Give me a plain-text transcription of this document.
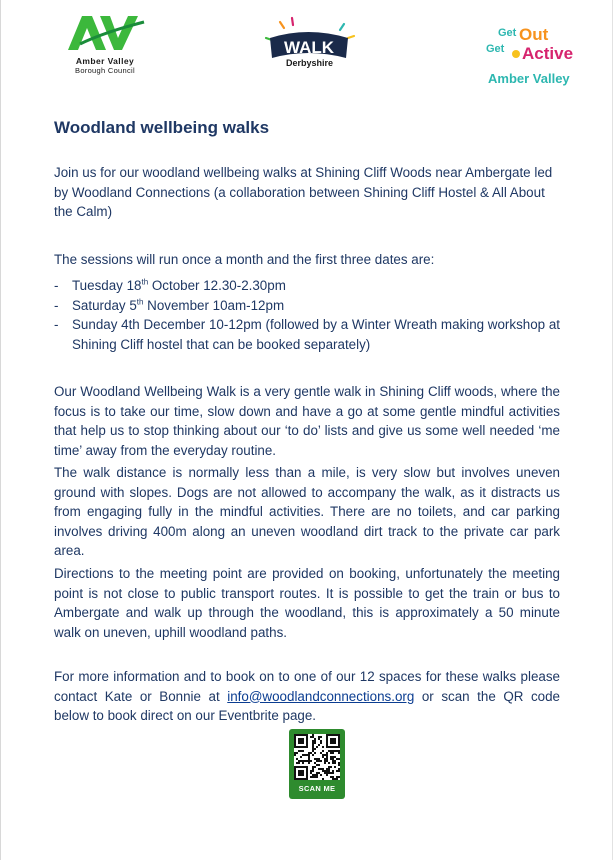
Amber Valley
Borough Council
WALK
Derbyshire
Get Out
Get Active
Amber Valley
Woodland wellbeing walks

Join us for our woodland wellbeing walks at Shining Cliff Woods near Ambergate led by Woodland Connections (a collaboration between Shining Cliff Hostel & All About the Calm)

The sessions will run once a month and the first three dates are:

- Tuesday 18th October 12.30-2.30pm
- Saturday 5th November 10am-12pm
- Sunday 4th December 10-12pm (followed by a Winter Wreath making workshop at Shining Cliff hostel that can be booked separately)

Our Woodland Wellbeing Walk is a very gentle walk in Shining Cliff woods, where the focus is to take our time, slow down and have a go at some gentle mindful activities that help us to stop thinking about our ‘to do’ lists and give us some well needed ‘me time’ away from the everyday routine.

The walk distance is normally less than a mile, is very slow but involves uneven ground with slopes. Dogs are not allowed to accompany the walk, as it distracts us from engaging fully in the mindful activities. There are no toilets, and car parking involves driving 400m along an uneven woodland dirt track to the private car park area.

Directions to the meeting point are provided on booking, unfortunately the meeting point is not close to public transport routes. It is possible to get the train or bus to Ambergate and walk up through the woodland, this is approximately a 50 minute walk on uneven, uphill woodland paths.

For more information and to book on to one of our 12 spaces for these walks please contact Kate or Bonnie at info@woodlandconnections.org or scan the QR code below to book direct on our Eventbrite page.

SCAN ME
